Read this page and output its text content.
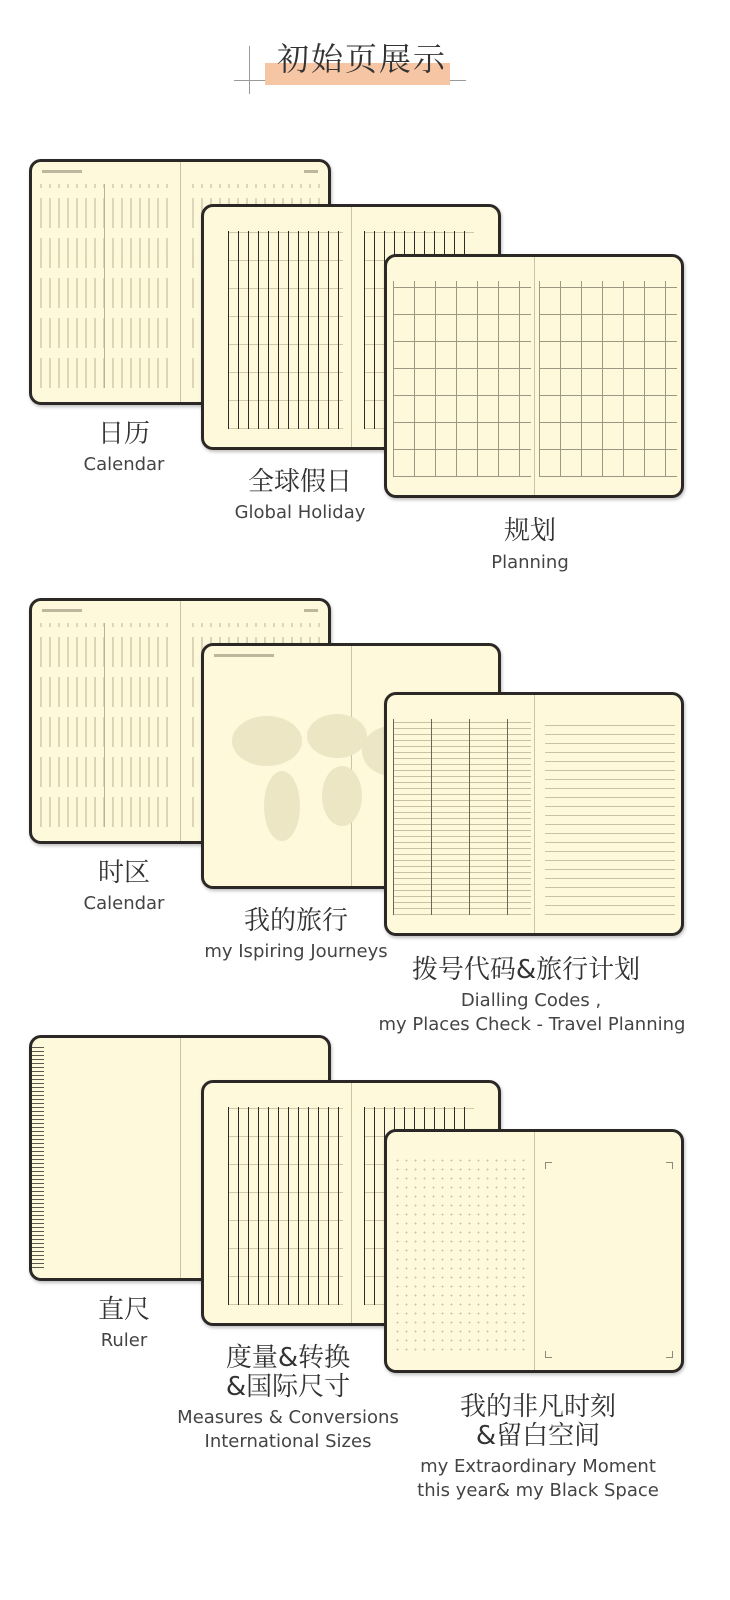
初始页展示
日历
Calendar
全球假日
Global Holiday
规划
Planning
时区
Calendar
我的旅行
my Ispiring Journeys
拨号代码&旅行计划
Dialling Codes ,
my Places Check - Travel Planning
直尺
Ruler
度量&转换
&国际尺寸
Measures & Conversions
International Sizes
我的非凡时刻
&留白空间
my Extraordinary Moment
this year& my Black Space
